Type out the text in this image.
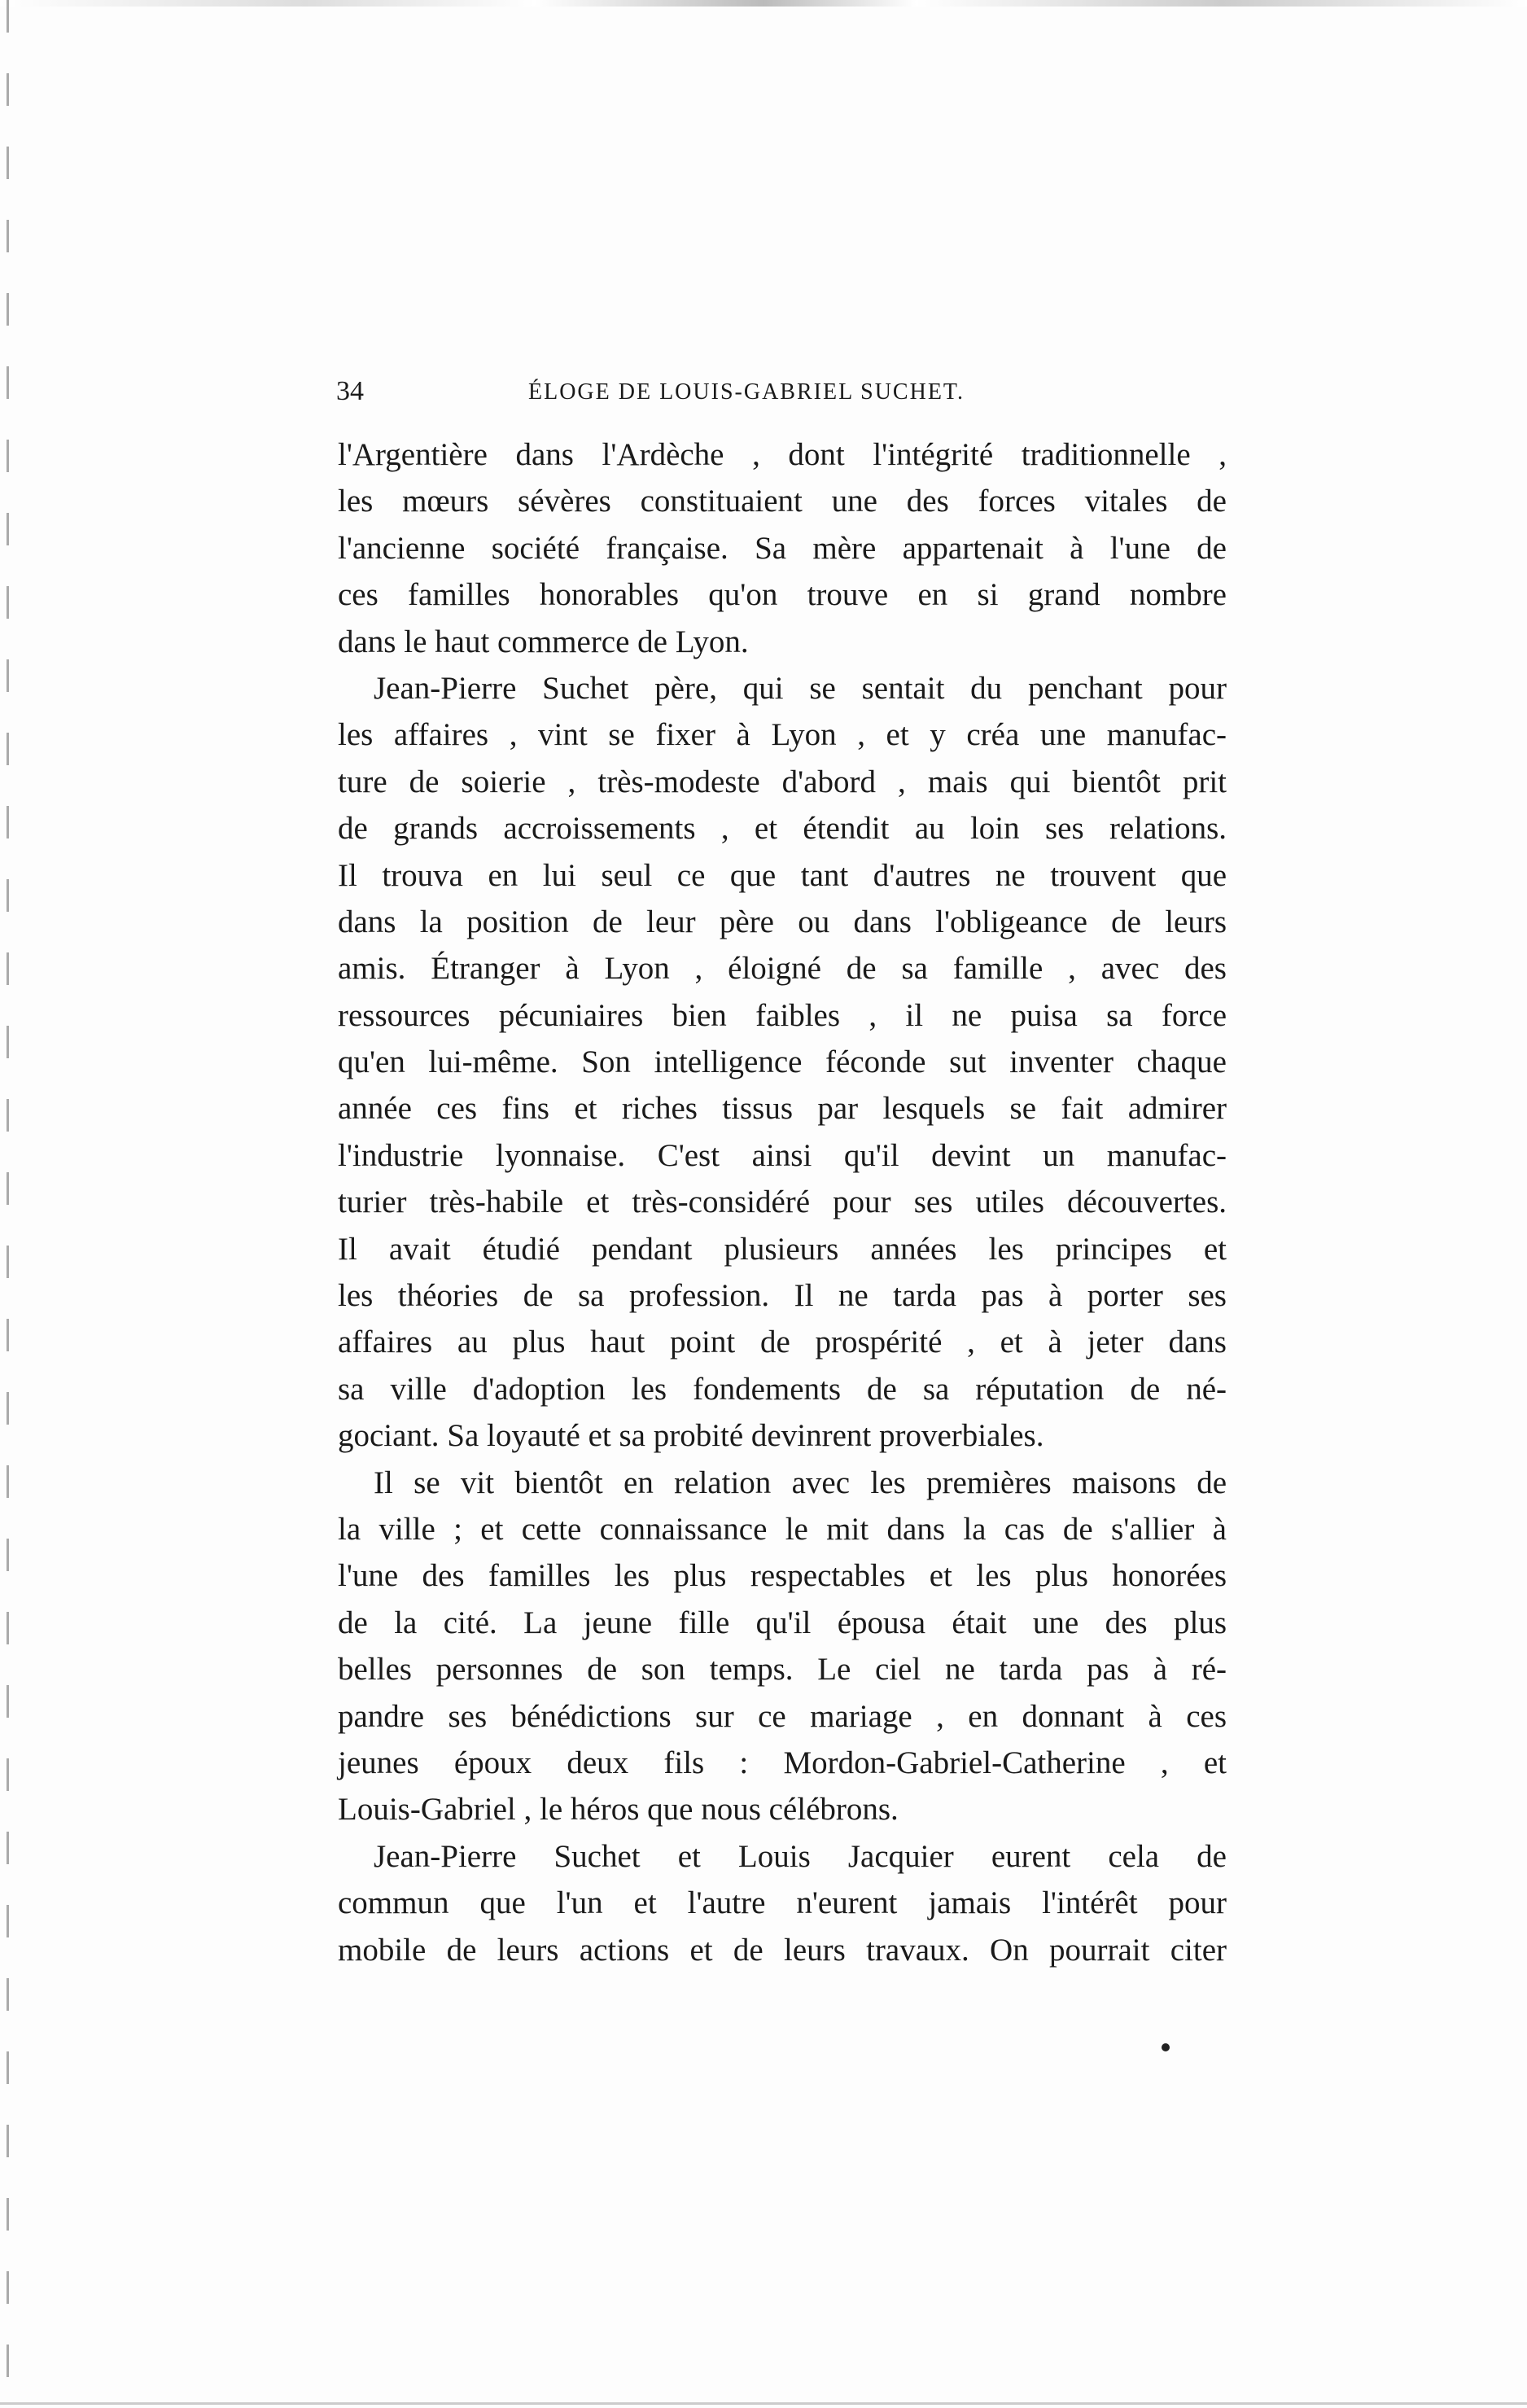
34	ÉLOGE DE LOUIS-GABRIEL SUCHET.
l'Argentière dans l'Ardèche , dont l'intégrité traditionnelle ,
les mœurs sévères constituaient une des forces vitales de
l'ancienne société française. Sa mère appartenait à l'une de
ces familles honorables qu'on trouve en si grand nombre
dans le haut commerce de Lyon.
Jean-Pierre Suchet père, qui se sentait du penchant pour
les affaires , vint se fixer à Lyon , et y créa une manufac-
ture de soierie , très-modeste d'abord , mais qui bientôt prit
de grands accroissements , et étendit au loin ses relations.
Il trouva en lui seul ce que tant d'autres ne trouvent que
dans la position de leur père ou dans l'obligeance de leurs
amis. Étranger à Lyon , éloigné de sa famille , avec des
ressources pécuniaires bien faibles , il ne puisa sa force
qu'en lui-même. Son intelligence féconde sut inventer chaque
année ces fins et riches tissus par lesquels se fait admirer
l'industrie lyonnaise. C'est ainsi qu'il devint un manufac-
turier très-habile et très-considéré pour ses utiles découvertes.
Il avait étudié pendant plusieurs années les principes et
les théories de sa profession. Il ne tarda pas à porter ses
affaires au plus haut point de prospérité , et à jeter dans
sa ville d'adoption les fondements de sa réputation de né-
gociant. Sa loyauté et sa probité devinrent proverbiales.
Il se vit bientôt en relation avec les premières maisons de
la ville ; et cette connaissance le mit dans la cas de s'allier à
l'une des familles les plus respectables et les plus honorées
de la cité. La jeune fille qu'il épousa était une des plus
belles personnes de son temps. Le ciel ne tarda pas à ré-
pandre ses bénédictions sur ce mariage , en donnant à ces
jeunes époux deux fils : Mordon-Gabriel-Catherine , et
Louis-Gabriel , le héros que nous célébrons.
Jean-Pierre Suchet et Louis Jacquier eurent cela de
commun que l'un et l'autre n'eurent jamais l'intérêt pour
mobile de leurs actions et de leurs travaux. On pourrait citer
